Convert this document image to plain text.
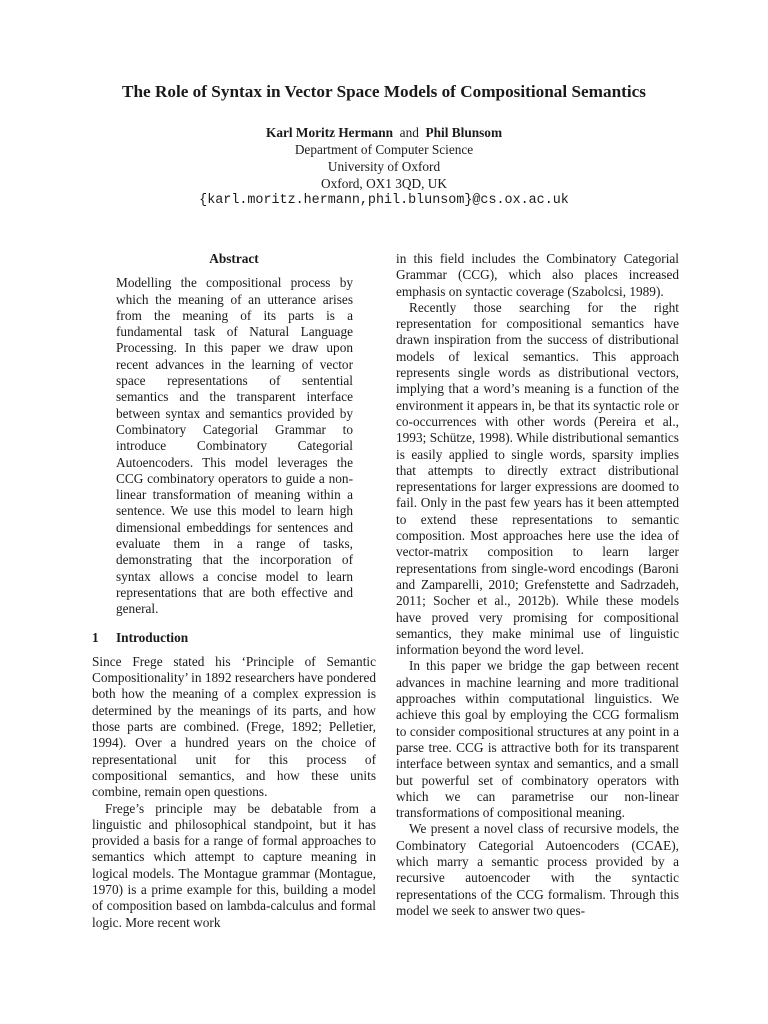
The Role of Syntax in Vector Space Models of Compositional Semantics
Karl Moritz Hermann and Phil Blunsom
Department of Computer Science
University of Oxford
Oxford, OX1 3QD, UK
{karl.moritz.hermann,phil.blunsom}@cs.ox.ac.uk
Abstract
Modelling the compositional process by which the meaning of an utterance arises from the meaning of its parts is a fundamental task of Natural Language Processing. In this paper we draw upon recent advances in the learning of vector space representations of sentential semantics and the transparent interface between syntax and semantics provided by Combinatory Categorial Grammar to introduce Combinatory Categorial Autoencoders. This model leverages the CCG combinatory operators to guide a non-linear transformation of meaning within a sentence. We use this model to learn high dimensional embeddings for sentences and evaluate them in a range of tasks, demonstrating that the incorporation of syntax allows a concise model to learn representations that are both effective and general.
1 Introduction

Since Frege stated his ‘Principle of Semantic Compositionality’ in 1892 researchers have pondered both how the meaning of a complex expression is determined by the meanings of its parts, and how those parts are combined. (Frege, 1892; Pelletier, 1994). Over a hundred years on the choice of representational unit for this process of compositional semantics, and how these units combine, remain open questions.

Frege’s principle may be debatable from a linguistic and philosophical standpoint, but it has provided a basis for a range of formal approaches to semantics which attempt to capture meaning in logical models. The Montague grammar (Montague, 1970) is a prime example for this, building a model of composition based on lambda-calculus and formal logic. More recent work

in this field includes the Combinatory Categorial Grammar (CCG), which also places increased emphasis on syntactic coverage (Szabolcsi, 1989).

Recently those searching for the right representation for compositional semantics have drawn inspiration from the success of distributional models of lexical semantics. This approach represents single words as distributional vectors, implying that a word’s meaning is a function of the environment it appears in, be that its syntactic role or co-occurrences with other words (Pereira et al., 1993; Schütze, 1998). While distributional semantics is easily applied to single words, sparsity implies that attempts to directly extract distributional representations for larger expressions are doomed to fail. Only in the past few years has it been attempted to extend these representations to semantic composition. Most approaches here use the idea of vector-matrix composition to learn larger representations from single-word encodings (Baroni and Zamparelli, 2010; Grefenstette and Sadrzadeh, 2011; Socher et al., 2012b). While these models have proved very promising for compositional semantics, they make minimal use of linguistic information beyond the word level.

In this paper we bridge the gap between recent advances in machine learning and more traditional approaches within computational linguistics. We achieve this goal by employing the CCG formalism to consider compositional structures at any point in a parse tree. CCG is attractive both for its transparent interface between syntax and semantics, and a small but powerful set of combinatory operators with which we can parametrise our non-linear transformations of compositional meaning.

We present a novel class of recursive models, the Combinatory Categorial Autoencoders (CCAE), which marry a semantic process provided by a recursive autoencoder with the syntactic representations of the CCG formalism. Through this model we seek to answer two ques-
